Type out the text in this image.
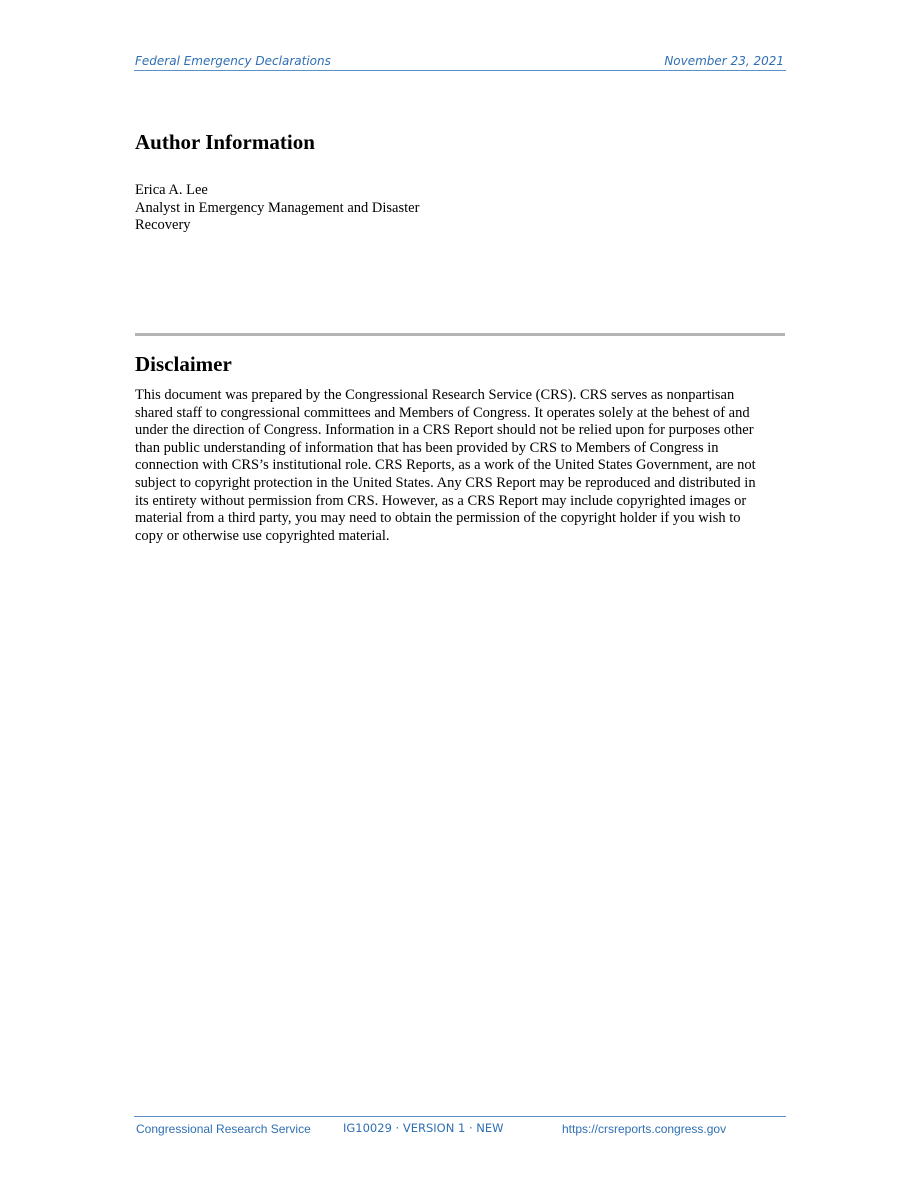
Federal Emergency Declarations	November 23, 2021
Author Information
Erica A. Lee
Analyst in Emergency Management and Disaster
Recovery
Disclaimer

This document was prepared by the Congressional Research Service (CRS). CRS serves as nonpartisan
shared staff to congressional committees and Members of Congress. It operates solely at the behest of and
under the direction of Congress. Information in a CRS Report should not be relied upon for purposes other
than public understanding of information that has been provided by CRS to Members of Congress in
connection with CRS’s institutional role. CRS Reports, as a work of the United States Government, are not
subject to copyright protection in the United States. Any CRS Report may be reproduced and distributed in
its entirety without permission from CRS. However, as a CRS Report may include copyrighted images or
material from a third party, you may need to obtain the permission of the copyright holder if you wish to
copy or otherwise use copyrighted material.

Congressional Research Service	IG10029 · VERSION 1 · NEW	https://crsreports.congress.gov
